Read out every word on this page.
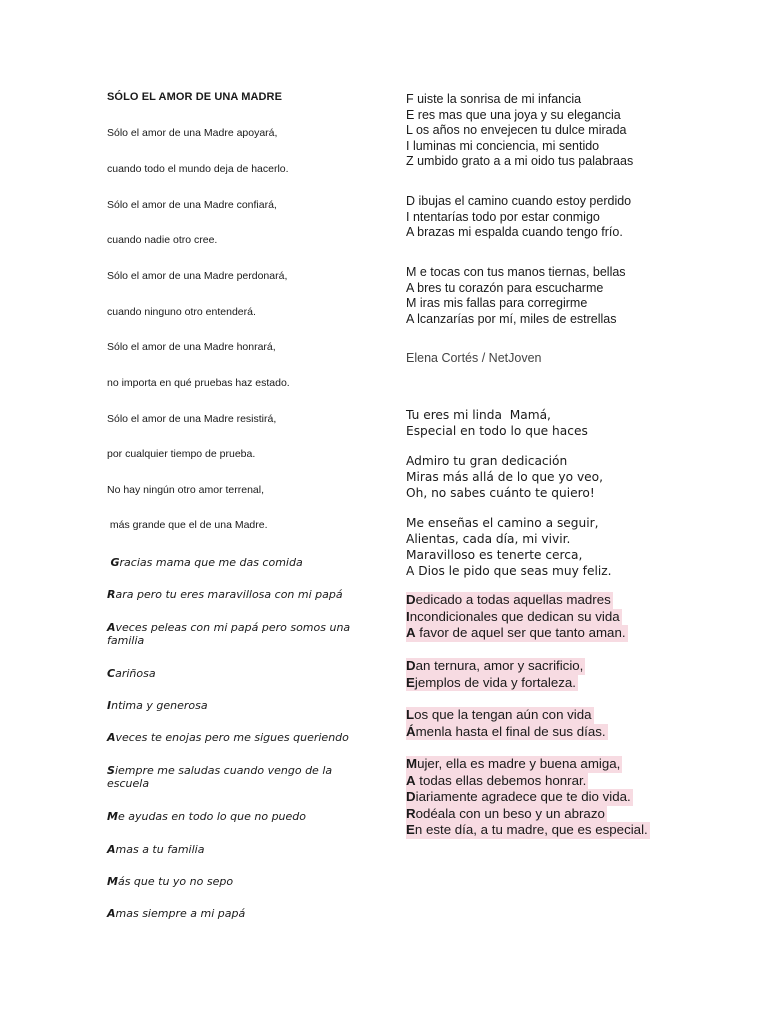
SÓLO EL AMOR DE UNA MADRE
Sólo el amor de una Madre apoyará,
cuando todo el mundo deja de hacerlo.
Sólo el amor de una Madre confiará,
cuando nadie otro cree.
Sólo el amor de una Madre perdonará,
cuando ninguno otro entenderá.
Sólo el amor de una Madre honrará,
no importa en qué pruebas haz estado.
Sólo el amor de una Madre resistirá,
por cualquier tiempo de prueba.
No hay ningún otro amor terrenal,
más grande que el de una Madre.
Gracias mama que me das comida
Rara pero tu eres maravillosa con mi papá
Aveces peleas con mi papá pero somos una familia
Cariñosa
Intima y generosa
Aveces te enojas pero me sigues queriendo
Siempre me saludas cuando vengo de la escuela
Me ayudas en todo lo que no puedo
Amas a tu familia
Más que tu yo no sepo
Amas siempre a mi papá
F uiste la sonrisa de mi infancia
E res mas que una joya y su elegancia
L os años no envejecen tu dulce mirada
I luminas mi conciencia, mi sentido
Z umbido grato a a mi oido tus palabraas
D ibujas el camino cuando estoy perdido
I ntentarías todo por estar conmigo
A brazas mi espalda cuando tengo frío.
M e tocas con tus manos tiernas, bellas
A bres tu corazón para escucharme
M iras mis fallas para corregirme
A lcanzarías por mí, miles de estrellas
Elena Cortés / NetJoven
Tu eres mi linda  Mamá,
Especial en todo lo que haces
Admiro tu gran dedicación
Miras más allá de lo que yo veo,
Oh, no sabes cuánto te quiero!
Me enseñas el camino a seguir,
Alientas, cada día, mi vivir.
Maravilloso es tenerte cerca,
A Dios le pido que seas muy feliz.
Dedicado a todas aquellas madres
Incondicionales que dedican su vida
A favor de aquel ser que tanto aman.
Dan ternura, amor y sacrificio,
Ejemplos de vida y fortaleza.
Los que la tengan aún con vida
Ámenla hasta el final de sus días.
Mujer, ella es madre y buena amiga,
A todas ellas debemos honrar.
Diariamente agradece que te dio vida.
Rodéala con un beso y un abrazo
En este día, a tu madre, que es especial.
